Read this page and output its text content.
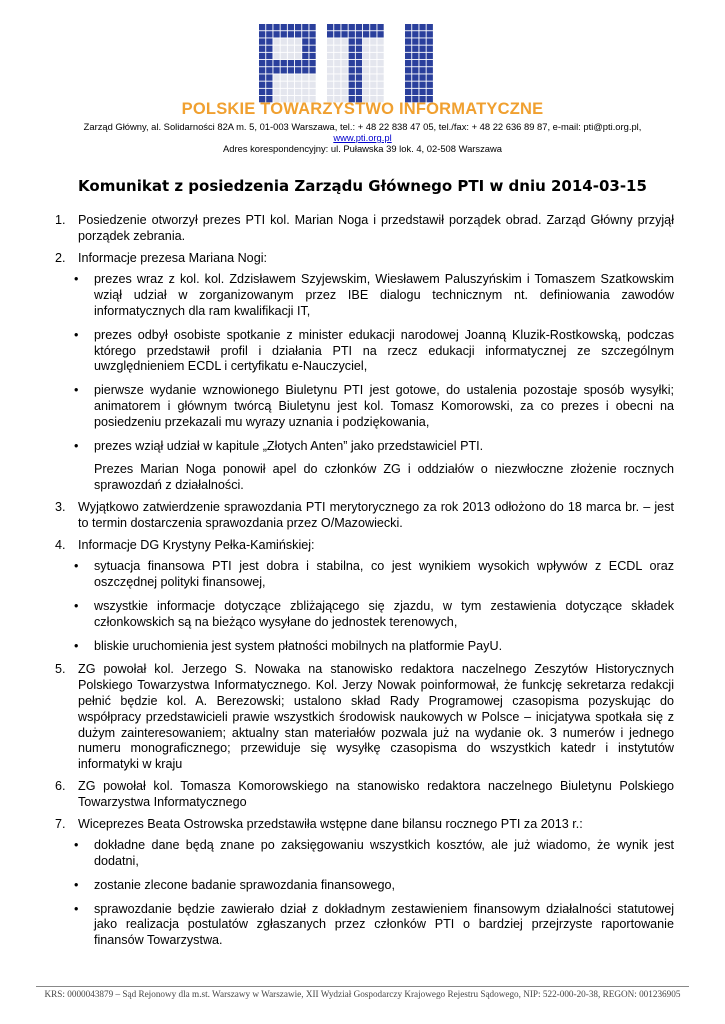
POLSKIE TOWARZYSTWO INFORMATYCZNE
Zarząd Główny, al. Solidarności 82A m. 5, 01-003 Warszawa, tel.: + 48 22 838 47 05, tel./fax: + 48 22 636 89 87, e-mail: pti@pti.org.pl,
www.pti.org.pl
Adres korespondencyjny: ul. Puławska 39 lok. 4, 02-508 Warszawa
Komunikat z posiedzenia Zarządu Głównego PTI w dniu 2014-03-15
1. Posiedzenie otworzył prezes PTI kol. Marian Noga i przedstawił porządek obrad. Zarząd Główny przyjął porządek zebrania.
2. Informacje prezesa Mariana Nogi:
• prezes wraz z kol. kol. Zdzisławem Szyjewskim, Wiesławem Paluszyńskim i Tomaszem Szatkowskim wziął udział w zorganizowanym przez IBE dialogu technicznym nt. definiowania zawodów informatycznych dla ram kwalifikacji IT,
• prezes odbył osobiste spotkanie z minister edukacji narodowej Joanną Kluzik-Rostkowską, podczas którego przedstawił profil i działania PTI na rzecz edukacji informatycznej ze szczególnym uwzględnieniem ECDL i certyfikatu e-Nauczyciel,
• pierwsze wydanie wznowionego Biuletynu PTI jest gotowe, do ustalenia pozostaje sposób wysyłki; animatorem i głównym twórcą Biuletynu jest kol. Tomasz Komorowski, za co prezes i obecni na posiedzeniu przekazali mu wyrazy uznania i podziękowania,
• prezes wziął udział w kapitule „Złotych Anten” jako przedstawiciel PTI.
Prezes Marian Noga ponowił apel do członków ZG i oddziałów o niezwłoczne złożenie rocznych sprawozdań z działalności.
3. Wyjątkowo zatwierdzenie sprawozdania PTI merytorycznego za rok 2013 odłożono do 18 marca br. – jest to termin dostarczenia sprawozdania przez O/Mazowiecki.
4. Informacje DG Krystyny Pełka-Kamińskiej:
• sytuacja finansowa PTI jest dobra i stabilna, co jest wynikiem wysokich wpływów z ECDL oraz oszczędnej polityki finansowej,
• wszystkie informacje dotyczące zbliżającego się zjazdu, w tym zestawienia dotyczące składek członkowskich są na bieżąco wysyłane do jednostek terenowych,
• bliskie uruchomienia jest system płatności mobilnych na platformie PayU.
5. ZG powołał kol. Jerzego S. Nowaka na stanowisko redaktora naczelnego Zeszytów Historycznych Polskiego Towarzystwa Informatycznego. Kol. Jerzy Nowak poinformował, że funkcję sekretarza redakcji pełnić będzie kol. A. Berezowski; ustalono skład Rady Programowej czasopisma pozyskując do współpracy przedstawicieli prawie wszystkich środowisk naukowych w Polsce – inicjatywa spotkała się z dużym zainteresowaniem; aktualny stan materiałów pozwala już na wydanie ok. 3 numerów i jednego numeru monograficznego; przewiduje się wysyłkę czasopisma do wszystkich katedr i instytutów informatyki w kraju
6. ZG powołał kol. Tomasza Komorowskiego na stanowisko redaktora naczelnego Biuletynu Polskiego Towarzystwa Informatycznego
7. Wiceprezes Beata Ostrowska przedstawiła wstępne dane bilansu rocznego PTI za 2013 r.:
• dokładne dane będą znane po zaksięgowaniu wszystkich kosztów, ale już wiadomo, że wynik jest dodatni,
• zostanie zlecone badanie sprawozdania finansowego,
• sprawozdanie będzie zawierało dział z dokładnym zestawieniem finansowym działalności statutowej jako realizacja postulatów zgłaszanych przez członków PTI o bardziej przejrzyste raportowanie finansów Towarzystwa.
KRS: 0000043879 – Sąd Rejonowy dla m.st. Warszawy w Warszawie, XII Wydział Gospodarczy Krajowego Rejestru Sądowego, NIP: 522-000-20-38, REGON: 001236905
